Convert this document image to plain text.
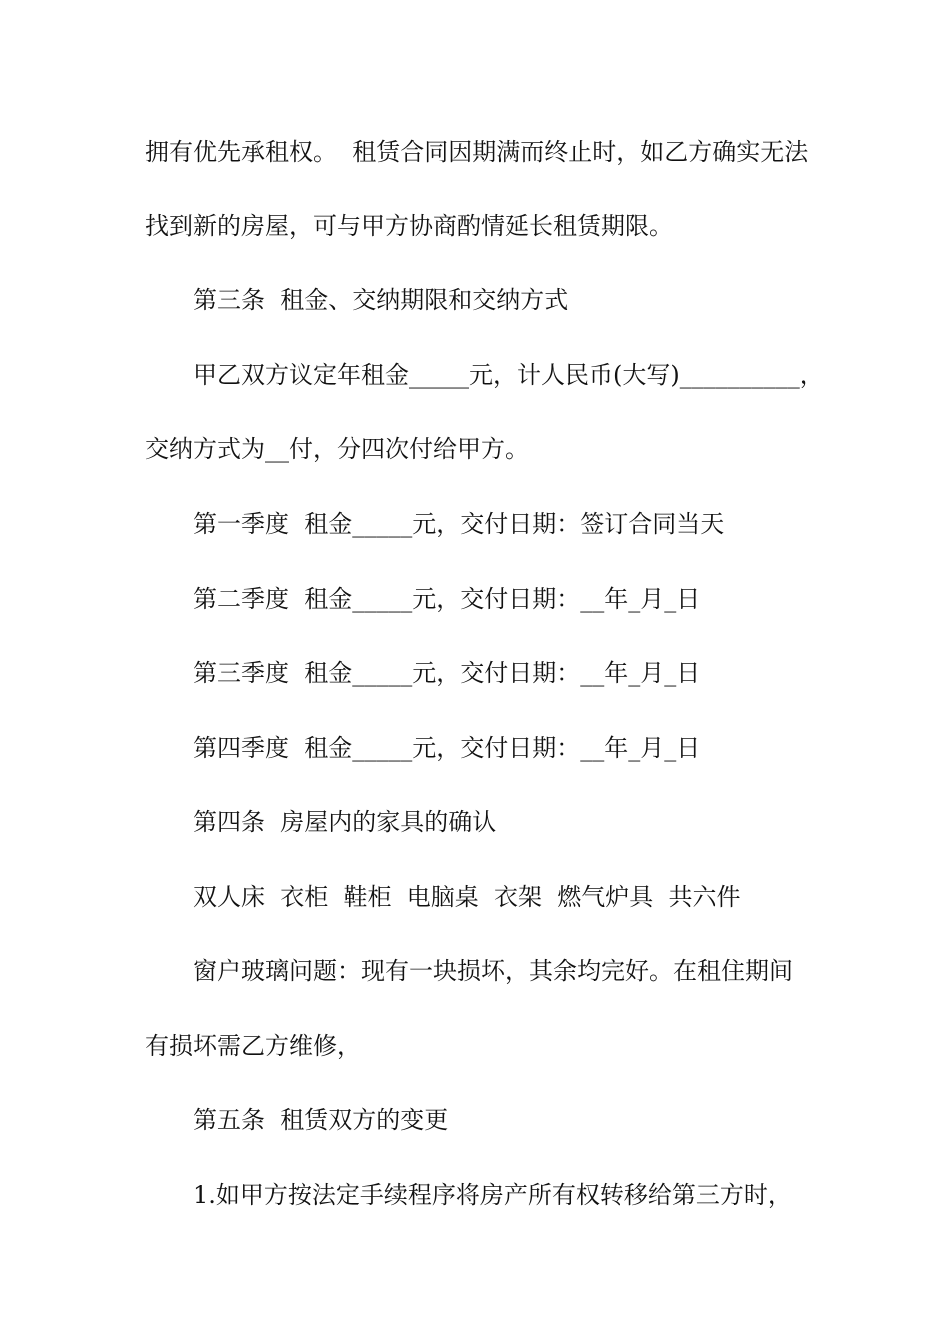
拥有优先承租权。  租赁合同因期满而终止时，如乙方确实无法
找到新的房屋，可与甲方协商酌情延长租赁期限。
第三条  租金、交纳期限和交纳方式
甲乙双方议定年租金_____元，计人民币(大写)__________，
交纳方式为__付，分四次付给甲方。
第一季度  租金_____元，交付日期：签订合同当天
第二季度  租金_____元，交付日期：__年_月_日
第三季度  租金_____元，交付日期：__年_月_日
第四季度  租金_____元，交付日期：__年_月_日
第四条  房屋内的家具的确认
双人床  衣柜  鞋柜  电脑桌  衣架  燃气炉具  共六件
窗户玻璃问题：现有一块损坏，其余均完好。在租住期间
有损坏需乙方维修，
第五条  租赁双方的变更
1.如甲方按法定手续程序将房产所有权转移给第三方时，
